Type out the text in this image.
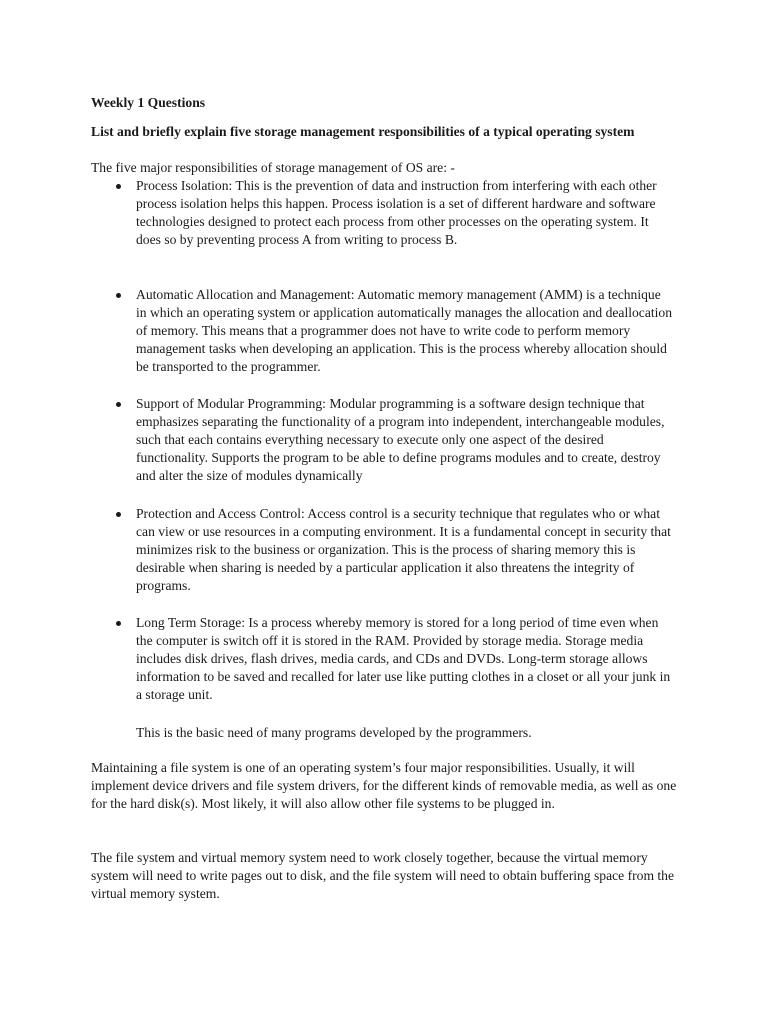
Weekly 1 Questions

List and briefly explain five storage management responsibilities of a typical operating system

The five major responsibilities of storage management of OS are: -

Process Isolation: This is the prevention of data and instruction from interfering with each other process isolation helps this happen. Process isolation is a set of different hardware and software technologies designed to protect each process from other processes on the operating system. It does so by preventing process A from writing to process B.
Automatic Allocation and Management: Automatic memory management (AMM) is a technique in which an operating system or application automatically manages the allocation and deallocation of memory. This means that a programmer does not have to write code to perform memory management tasks when developing an application. This is the process whereby allocation should be transported to the programmer.
Support of Modular Programming: Modular programming is a software design technique that emphasizes separating the functionality of a program into independent, interchangeable modules, such that each contains everything necessary to execute only one aspect of the desired functionality. Supports the program to be able to define programs modules and to create, destroy and alter the size of modules dynamically
Protection and Access Control: Access control is a security technique that regulates who or what can view or use resources in a computing environment. It is a fundamental concept in security that minimizes risk to the business or organization. This is the process of sharing memory this is desirable when sharing is needed by a particular application it also threatens the integrity of programs.
Long Term Storage: Is a process whereby memory is stored for a long period of time even when the computer is switch off it is stored in the RAM. Provided by storage media. Storage media includes disk drives, flash drives, media cards, and CDs and DVDs. Long-term storage allows information to be saved and recalled for later use like putting clothes in a closet or all your junk in a storage unit.

This is the basic need of many programs developed by the programmers.

Maintaining a file system is one of an operating system’s four major responsibilities. Usually, it will implement device drivers and file system drivers, for the different kinds of removable media, as well as one for the hard disk(s). Most likely, it will also allow other file systems to be plugged in.

The file system and virtual memory system need to work closely together, because the virtual memory system will need to write pages out to disk, and the file system will need to obtain buffering space from the virtual memory system.
